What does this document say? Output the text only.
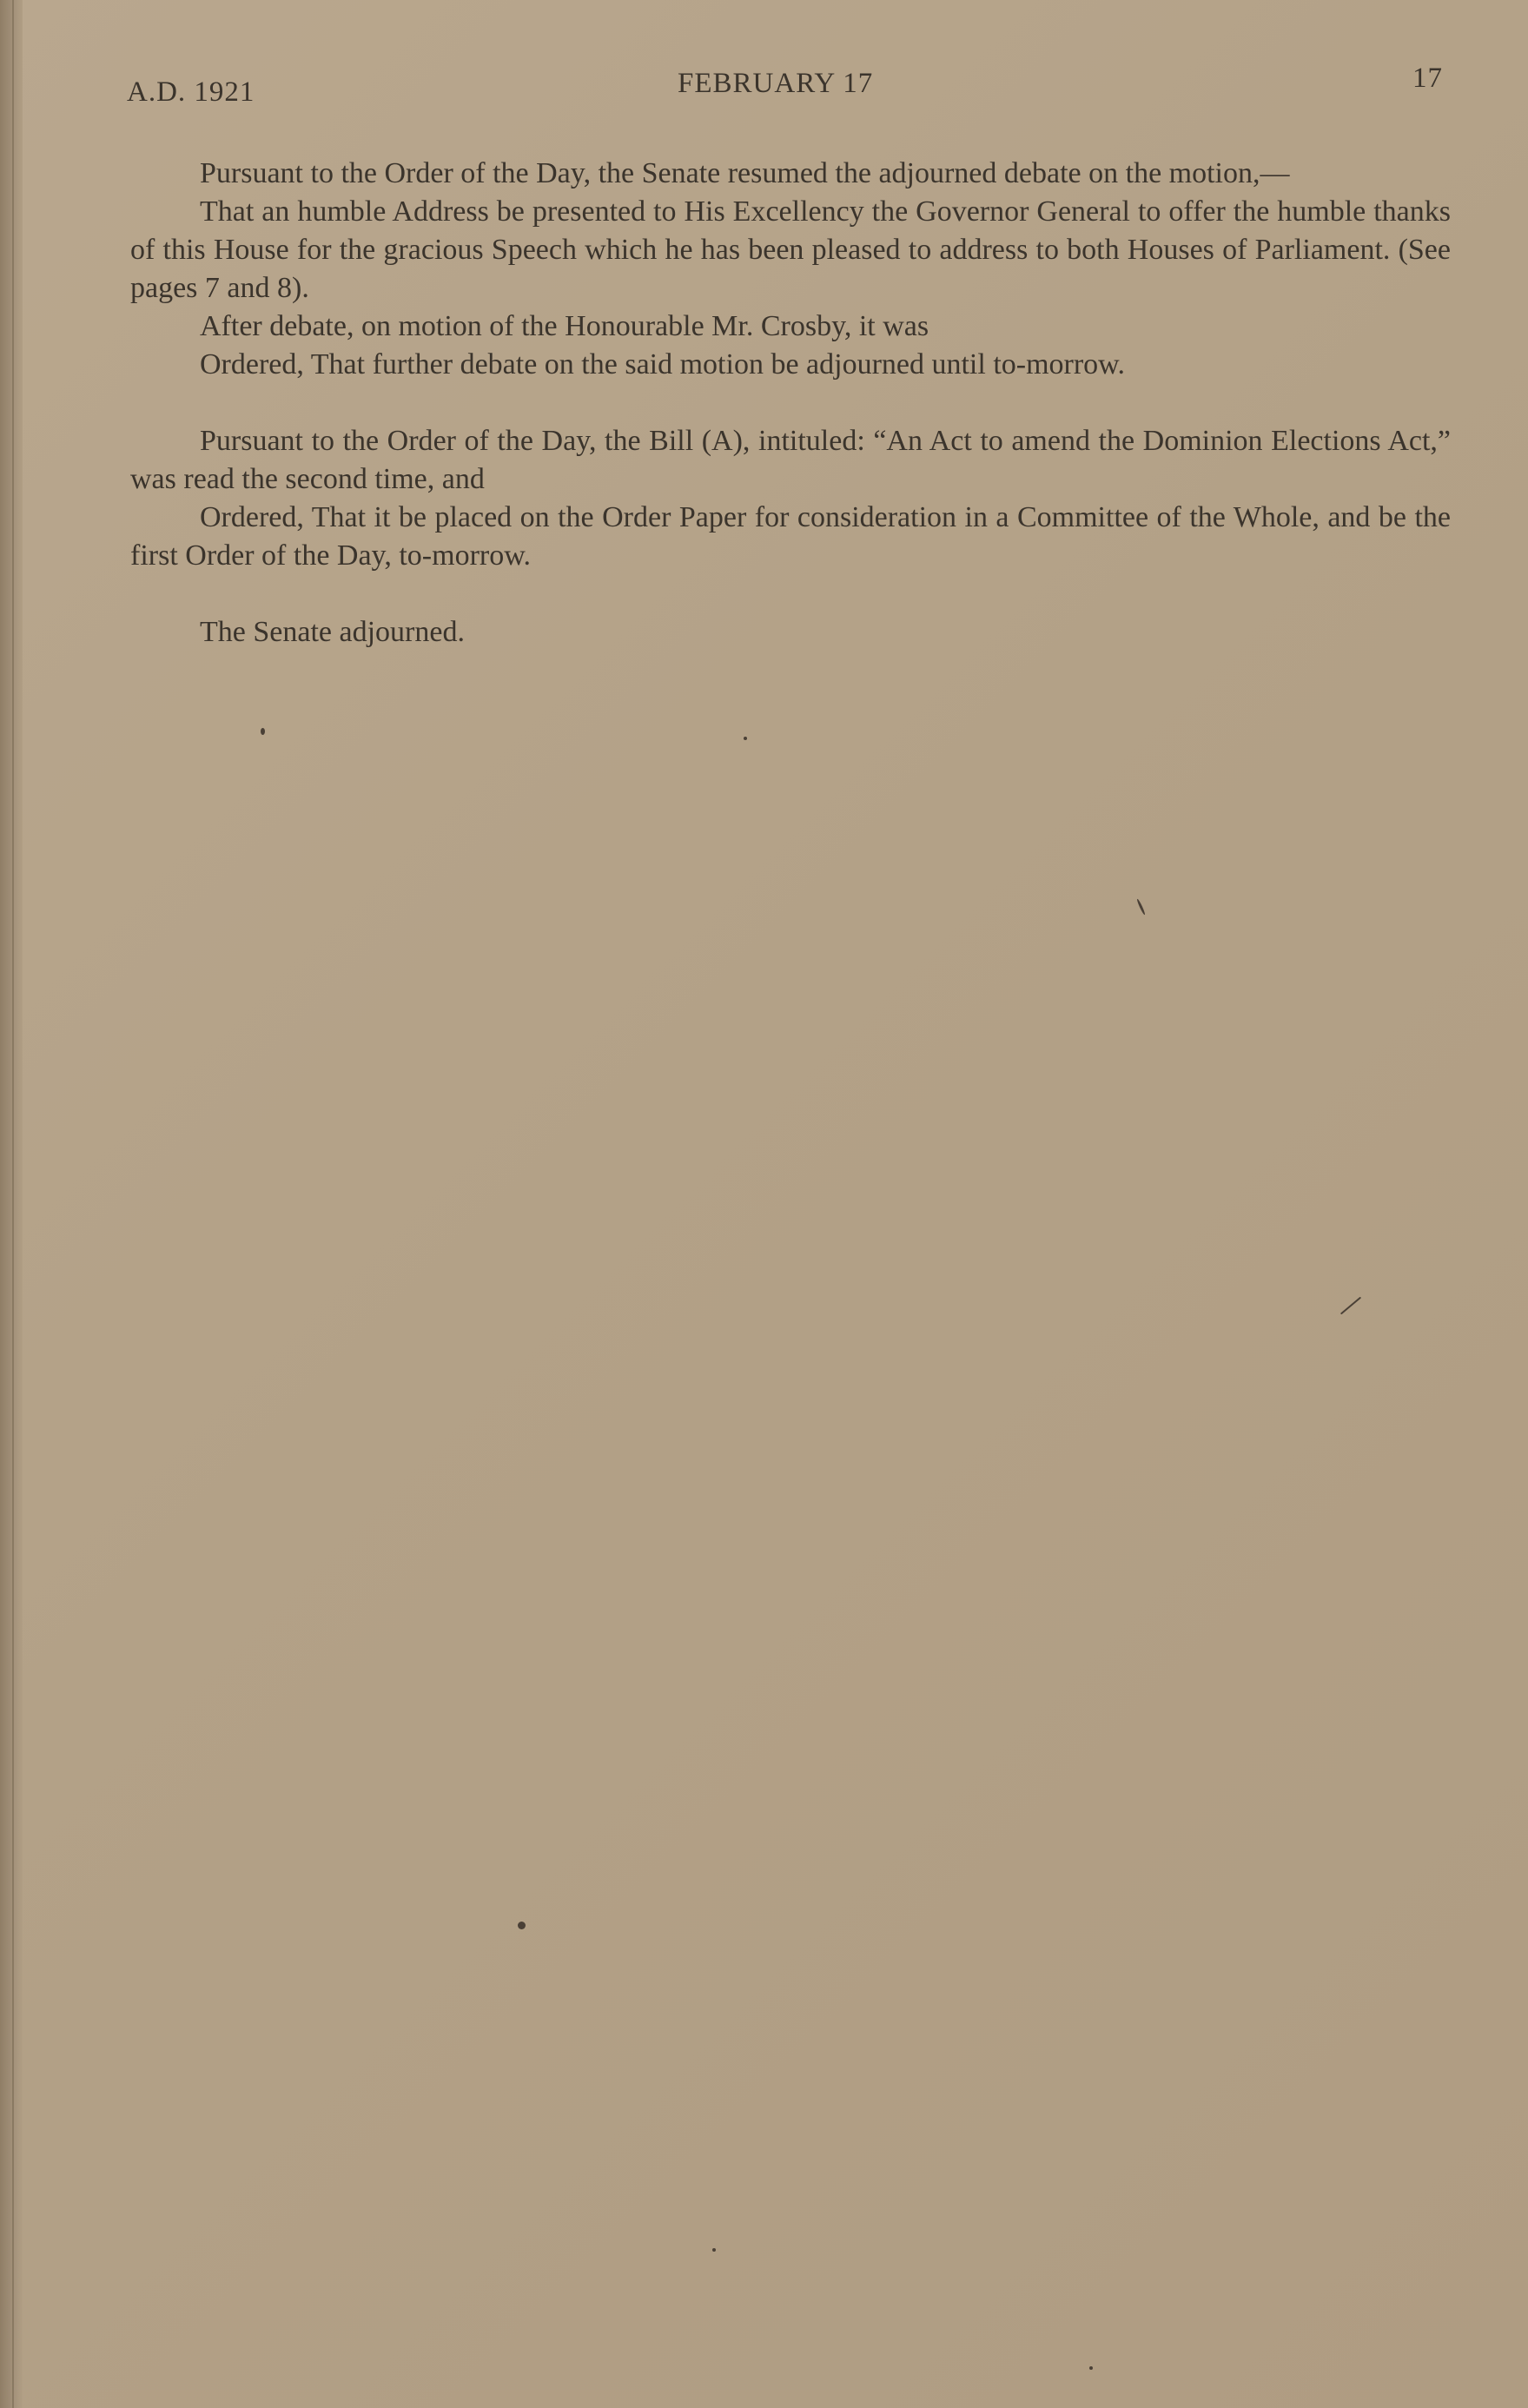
A.D. 1921	FEBRUARY 17	17

Pursuant to the Order of the Day, the Senate resumed the adjourned debate on the motion,—

That an humble Address be presented to His Excellency the Governor General to offer the humble thanks of this House for the gracious Speech which he has been pleased to address to both Houses of Parliament. (See pages 7 and 8).

After debate, on motion of the Honourable Mr. Crosby, it was

Ordered, That further debate on the said motion be adjourned until to-morrow.

Pursuant to the Order of the Day, the Bill (A), intituled: “An Act to amend the Dominion Elections Act,” was read the second time, and

Ordered, That it be placed on the Order Paper for consideration in a Committee of the Whole, and be the first Order of the Day, to-morrow.

The Senate adjourned.
